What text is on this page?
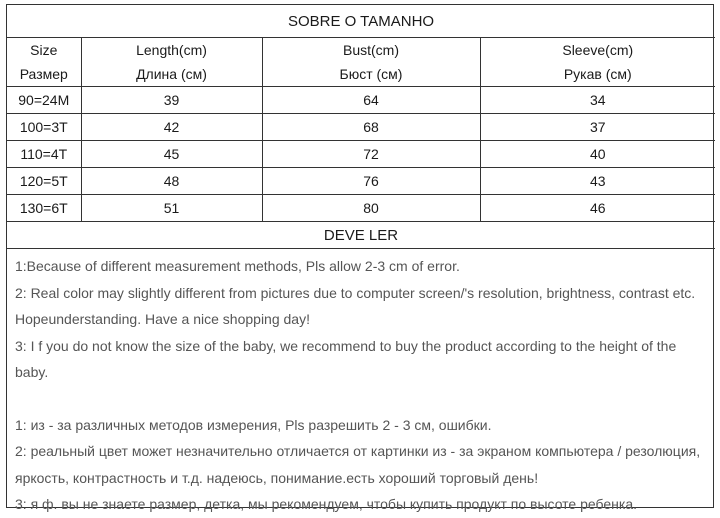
SOBRE O TAMANHO			
Size	Length(cm)	Bust(cm)	Sleeve(cm)
Размер	Длина (см)	Бюст (см)	Рукав (см)
90=24M	39	64	34
100=3T	42	68	37
110=4T	45	72	40
120=5T	48	76	43
130=6T	51	80	46
DEVE LER			

1:Because of different measurement methods, Pls allow 2-3 cm of error.

2: Real color may slightly different from pictures due to computer screen/'s resolution, brightness, contrast etc. Hopeunderstanding. Have a nice shopping day!

3: I f you do not know the size of the baby, we recommend to buy the product according to the height of the baby.

1: из - за различных методов измерения, Pls разрешить 2 - 3 см, ошибки.

2: реальный цвет может незначительно отличается от картинки из - за экраном компьютера / резолюция, яркость, контрастность и т.д. надеюсь, понимание.есть хороший торговый день!

3: я ф. вы не знаете размер, детка, мы рекомендуем, чтобы купить продукт по высоте ребенка.
